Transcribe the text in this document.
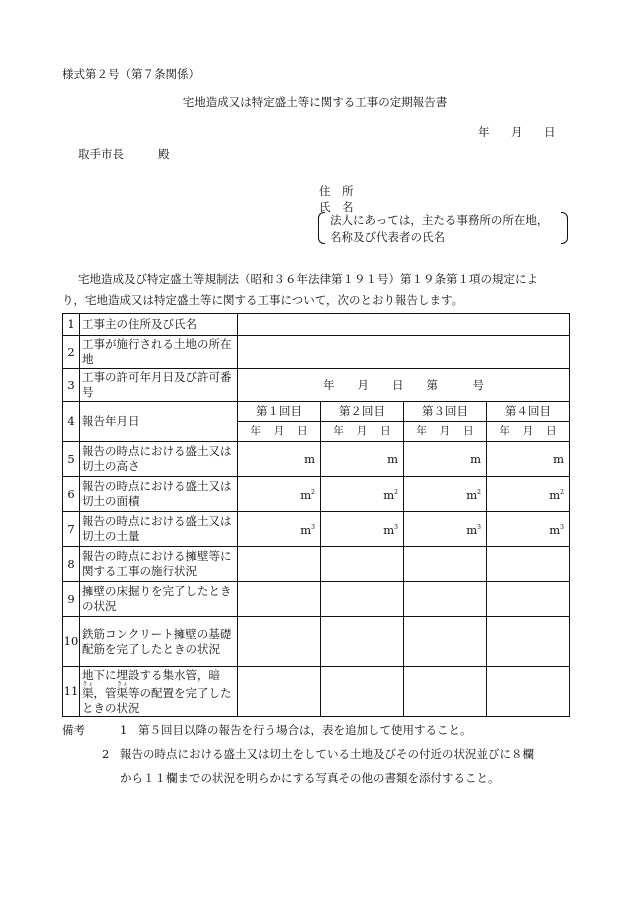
様式第２号（第７条関係）
宅地造成又は特定盛土等に関する工事の定期報告書
年 月 日
取手市長	殿
住　所
氏　名
法人にあっては，主たる事務所の所在地，
名称及び代表者の氏名
宅地造成及び特定盛土等規制法（昭和３６年法律第１９１号）第１９条第１項の規定によ
り，宅地造成又は特定盛土等に関する工事について，次のとおり報告します。
1	工事主の住所及び氏名				
2	工事が施行される土地の所在地				
3	工事の許可年月日及び許可番号	年　　月　　日　　第　　　号			
4	報告年月日	第１回目	第２回目	第３回目	第４回目

		年 月 日	年 月 日	年 月 日	年 月 日

5	報告の時点における盛土又は切土の高さ	m	m	m	m
6	報告の時点における盛土又は切土の面積	$m^2$	$m^2$	$m^2$	$m^2$
7	報告の時点における盛土又は切土の土量	$m^3$	$m^3$	$m^3$	$m^3$
8	報告の時点における擁壁等に関する工事の施行状況				
9	擁壁の床掘りを完了したときの状況				
10	鉄筋コンクリート擁壁の基礎配筋を完了したときの状況				
11	地下に埋設する集水管，暗渠きょ，管渠きょ等の配置を完了したときの状況				
備考	1 第５回目以降の報告を行う場合は，表を追加して使用すること。
2 報告の時点における盛土又は切土をしている土地及びその付近の状況並びに８欄
から１１欄までの状況を明らかにする写真その他の書類を添付すること。
